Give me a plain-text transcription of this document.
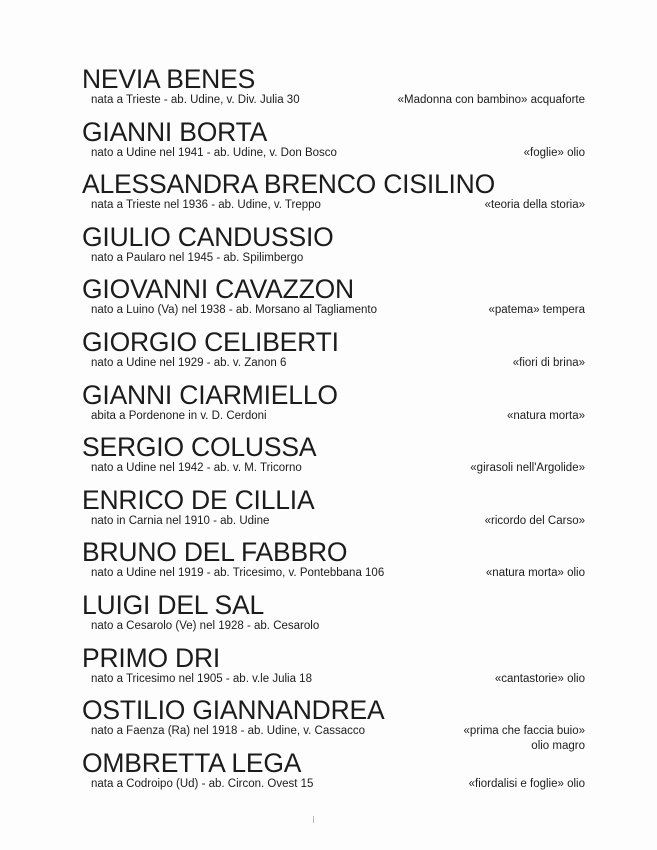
NEVIA BENES
nata a Trieste - ab. Udine, v. Div. Julia 30	«Madonna con bambino» acquaforte
GIANNI BORTA
nato a Udine nel 1941 - ab. Udine, v. Don Bosco	«foglie» olio
ALESSANDRA BRENCO CISILINO
nata a Trieste nel 1936 - ab. Udine, v. Treppo	«teoria della storia»
GIULIO CANDUSSIO
nato a Paularo nel 1945 - ab. Spilimbergo
GIOVANNI CAVAZZON
nato a Luino (Va) nel 1938 - ab. Morsano al Tagliamento	«patema» tempera
GIORGIO CELIBERTI
nato a Udine nel 1929 - ab. v. Zanon 6	«fiori di brina»
GIANNI CIARMIELLO
abita a Pordenone in v. D. Cerdoni	«natura morta»
SERGIO COLUSSA
nato a Udine nel 1942 - ab. v. M. Tricorno	«girasoli nell'Argolide»
ENRICO DE CILLIA
nato in Carnia nel 1910 - ab. Udine	«ricordo del Carso»
BRUNO DEL FABBRO
nato a Udine nel 1919 - ab. Tricesimo, v. Pontebbana 106	«natura morta» olio
LUIGI DEL SAL
nato a Cesarolo (Ve) nel 1928 - ab. Cesarolo
PRIMO DRI
nato a Tricesimo nel 1905 - ab. v.le Julia 18	«cantastorie» olio
OSTILIO GIANNANDREA
nato a Faenza (Ra) nel 1918 - ab. Udine, v. Cassacco	«prima che faccia buio»
olio magro
OMBRETTA LEGA
nata a Codroipo (Ud) - ab. Circon. Ovest 15	«fiordalisi e foglie» olio
